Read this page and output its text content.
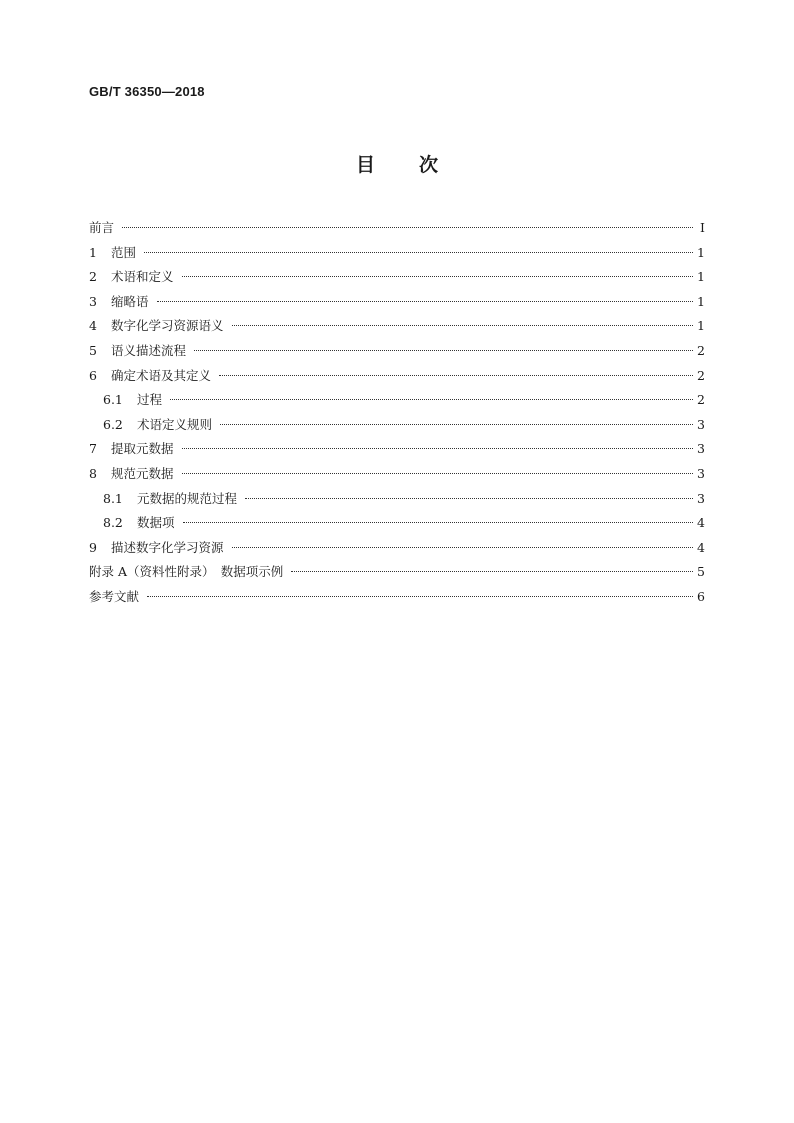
GB/T 36350—2018
目 次
前言	Ⅰ
1	范围	1
2	术语和定义	1
3	缩略语	1
4	数字化学习资源语义	1
5	语义描述流程	2
6	确定术语及其定义	2
6.1	过程	2
6.2	术语定义规则	3
7	提取元数据	3
8	规范元数据	3
8.1	元数据的规范过程	3
8.2	数据项	4
9	描述数字化学习资源	4
附录 A（资料性附录）　数据项示例	5
参考文献	6
